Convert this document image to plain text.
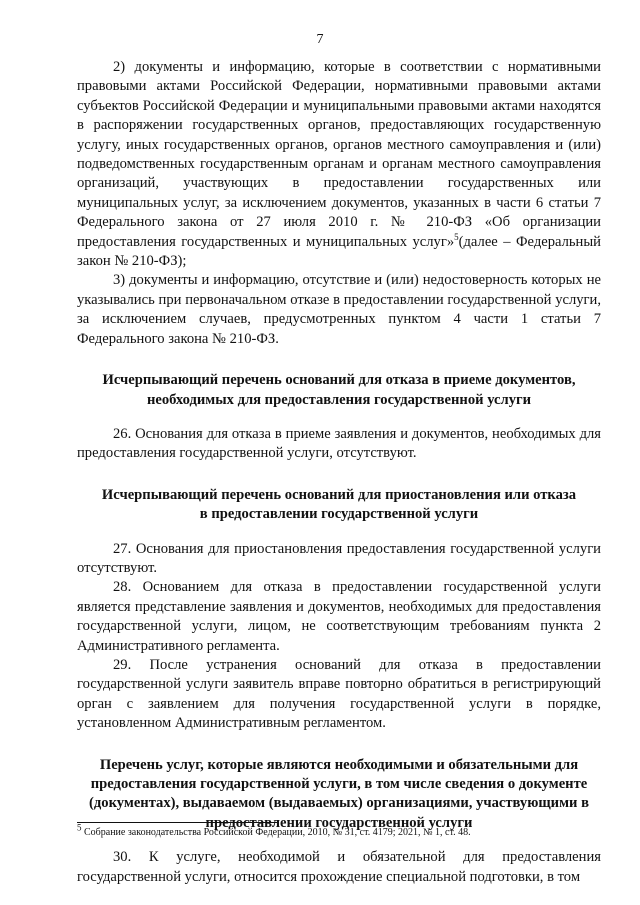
7

2) документы и информацию, которые в соответствии с нормативными правовыми актами Российской Федерации, нормативными правовыми актами субъектов Российской Федерации и муниципальными правовыми актами находятся в распоряжении государственных органов, предоставляющих государственную услугу, иных государственных органов, органов местного самоуправления и (или) подведомственных государственным органам и органам местного самоуправления организаций, участвующих в предоставлении государственных или муниципальных услуг, за исключением документов, указанных в части 6 статьи 7 Федерального закона от 27 июля 2010 г. № 210-ФЗ «Об организации предоставления государственных и муниципальных услуг»$^5$(далее – Федеральный закон № 210-ФЗ);

3) документы и информацию, отсутствие и (или) недостоверность которых не указывались при первоначальном отказе в предоставлении государственной услуги, за исключением случаев, предусмотренных пунктом 4 части 1 статьи 7 Федерального закона № 210-ФЗ.

Исчерпывающий перечень оснований для отказа в приеме документов, необходимых для предоставления государственной услуги

26. Основания для отказа в приеме заявления и документов, необходимых для предоставления государственной услуги, отсутствуют.

Исчерпывающий перечень оснований для приостановления или отказа
в предоставлении государственной услуги

27. Основания для приостановления предоставления государственной услуги отсутствуют.

28. Основанием для отказа в предоставлении государственной услуги является представление заявления и документов, необходимых для предоставления государственной услуги, лицом, не соответствующим требованиям пункта 2 Административного регламента.

29. После устранения оснований для отказа в предоставлении государственной услуги заявитель вправе повторно обратиться в регистрирующий орган с заявлением для получения государственной услуги в порядке, установленном Административным регламентом.

Перечень услуг, которые являются необходимыми и обязательными для предоставления государственной услуги, в том числе сведения о документе (документах), выдаваемом (выдаваемых) организациями, участвующими в предоставлении государственной услуги

30. К услуге, необходимой и обязательной для предоставления государственной услуги, относится прохождение специальной подготовки, в том

$^5$ Собрание законодательства Российской Федерации, 2010, № 31, ст. 4179; 2021, № 1, ст. 48.
